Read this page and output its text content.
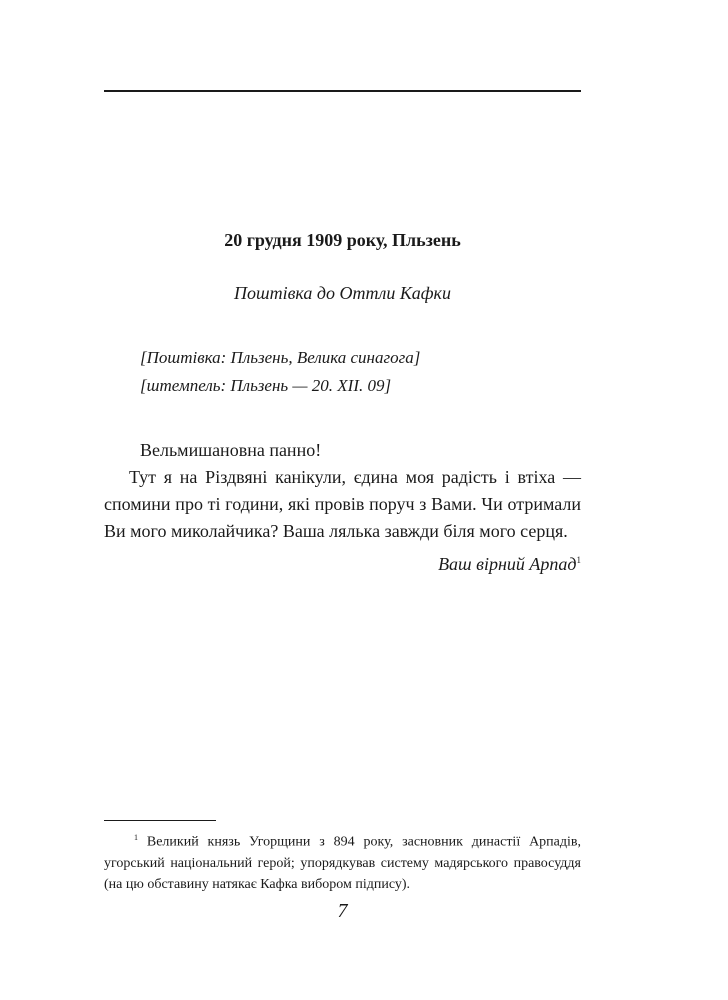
20 грудня 1909 року, Пльзень
Поштівка до Оттли Кафки
[Поштівка: Пльзень, Велика синагога]
[штемпель: Пльзень — 20. XII. 09]
Вельмишановна панно!
Тут я на Різдвяні канікули, єдина моя радість і втіха — спомини про ті години, які провів поруч з Вами. Чи отримали Ви мого миколайчика? Ваша лялька завжди біля мого серця.
Ваш вірний Арпад$^1$
$^1$ Великий князь Угорщини з 894 року, засновник династії Арпадів, угорський національний герой; упорядкував систему мадярського правосуддя (на цю обставину натякає Кафка вибором підпису).
7
